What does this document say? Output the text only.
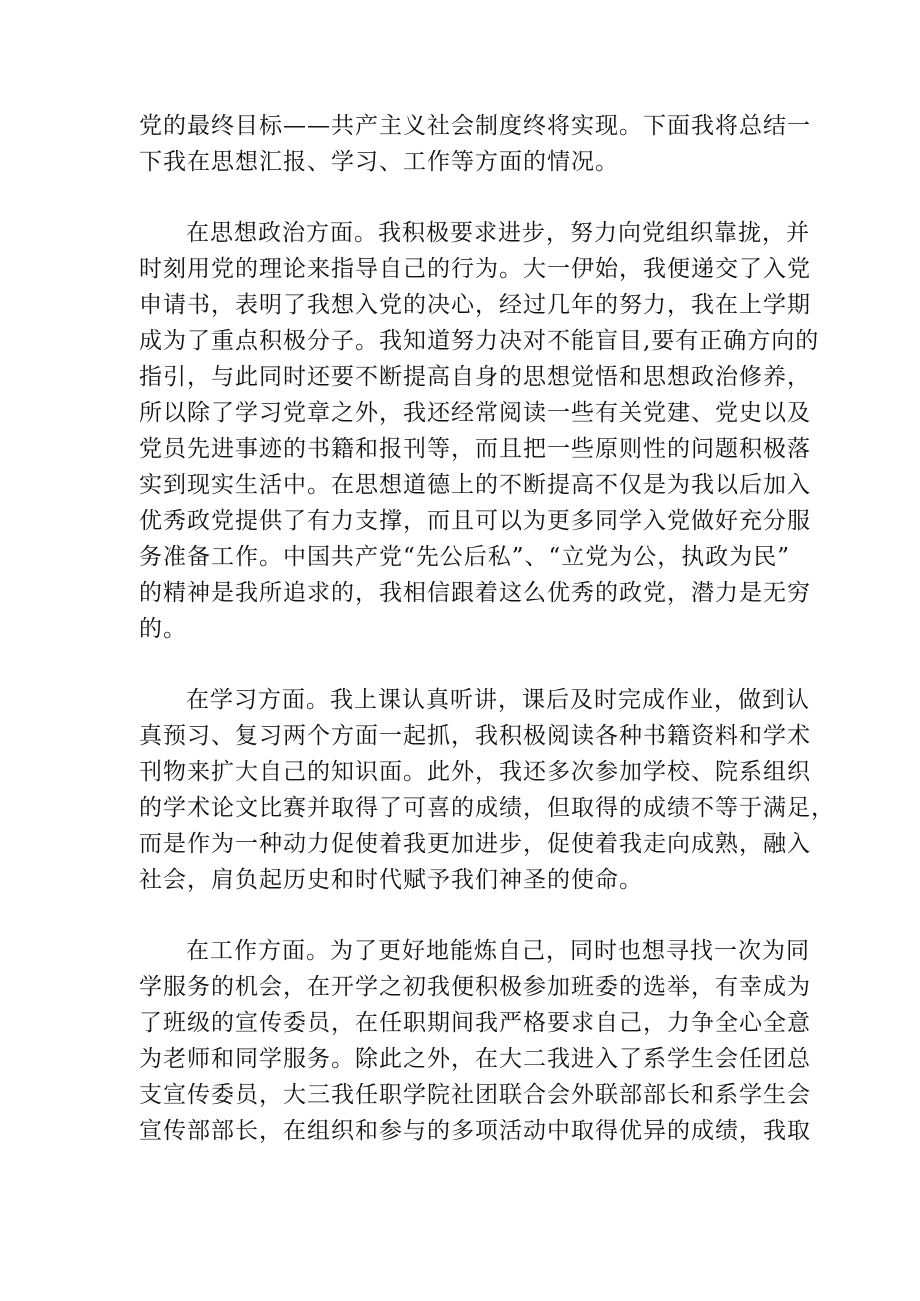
党的最终目标——共产主义社会制度终将实现。下面我将总结一
下我在思想汇报、学习、工作等方面的情况。
在思想政治方面。我积极要求进步，努力向党组织靠拢，并
时刻用党的理论来指导自己的行为。大一伊始，我便递交了入党
申请书，表明了我想入党的决心，经过几年的努力，我在上学期
成为了重点积极分子。我知道努力决对不能盲目,要有正确方向的
指引，与此同时还要不断提高自身的思想觉悟和思想政治修养，
所以除了学习党章之外，我还经常阅读一些有关党建、党史以及
党员先进事迹的书籍和报刊等，而且把一些原则性的问题积极落
实到现实生活中。在思想道德上的不断提高不仅是为我以后加入
优秀政党提供了有力支撑，而且可以为更多同学入党做好充分服
务准备工作。中国共产党“先公后私”、“立党为公，执政为民”
的精神是我所追求的，我相信跟着这么优秀的政党，潜力是无穷
的。
在学习方面。我上课认真听讲，课后及时完成作业，做到认
真预习、复习两个方面一起抓，我积极阅读各种书籍资料和学术
刊物来扩大自己的知识面。此外，我还多次参加学校、院系组织
的学术论文比赛并取得了可喜的成绩，但取得的成绩不等于满足，
而是作为一种动力促使着我更加进步，促使着我走向成熟，融入
社会，肩负起历史和时代赋予我们神圣的使命。
在工作方面。为了更好地能炼自己，同时也想寻找一次为同
学服务的机会，在开学之初我便积极参加班委的选举，有幸成为
了班级的宣传委员，在任职期间我严格要求自己，力争全心全意
为老师和同学服务。除此之外，在大二我进入了系学生会任团总
支宣传委员，大三我任职学院社团联合会外联部部长和系学生会
宣传部部长，在组织和参与的多项活动中取得优异的成绩，我取
